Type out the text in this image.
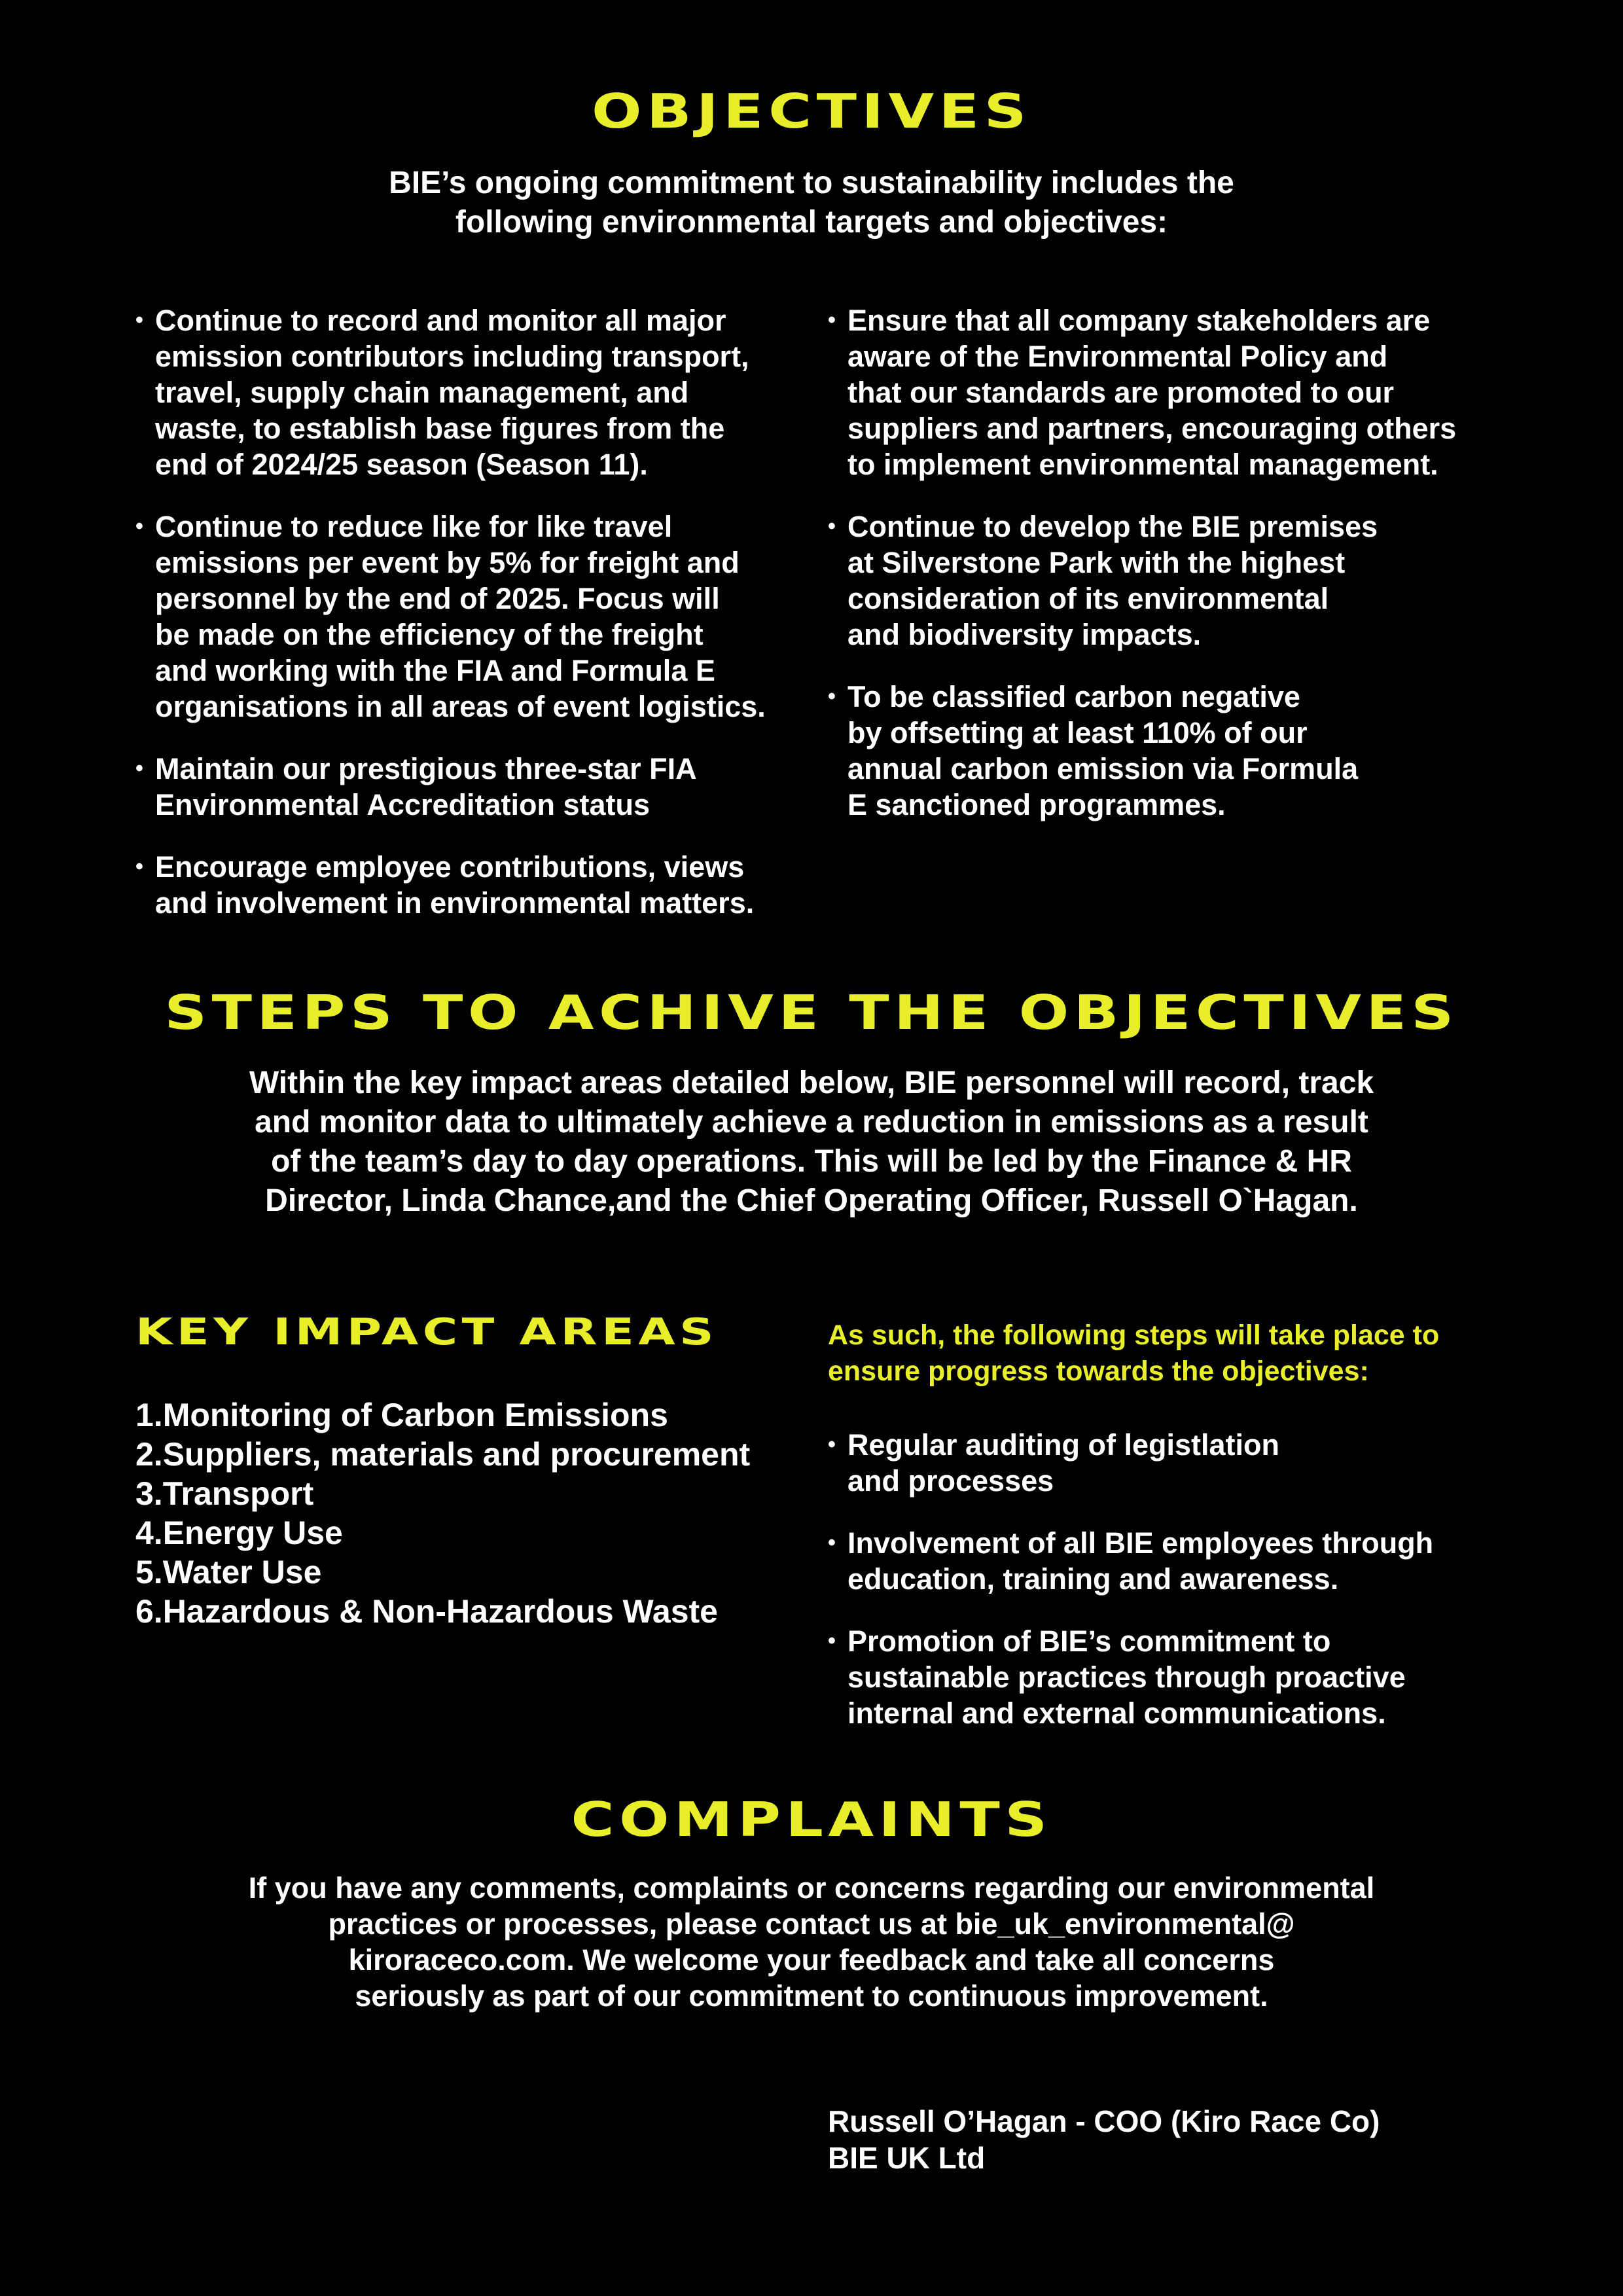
OBJECTIVES
BIE’s ongoing commitment to sustainability includes the
following environmental targets and objectives:
• Continue to record and monitor all major
emission contributors including transport,
travel, supply chain management, and
waste, to establish base figures from the
end of 2024/25 season (Season 11).
• Continue to reduce like for like travel
emissions per event by 5% for freight and
personnel by the end of 2025. Focus will
be made on the efficiency of the freight
and working with the FIA and Formula E
organisations in all areas of event logistics.
• Maintain our prestigious three-star FIA
Environmental Accreditation status
• Encourage employee contributions, views
and involvement in environmental matters.
• Ensure that all company stakeholders are
aware of the Environmental Policy and
that our standards are promoted to our
suppliers and partners, encouraging others
to implement environmental management.
• Continue to develop the BIE premises
at Silverstone Park with the highest
consideration of its environmental
and biodiversity impacts.
• To be classified carbon negative
by offsetting at least 110% of our
annual carbon emission via Formula
E sanctioned programmes.
STEPS TO ACHIVE THE OBJECTIVES
Within the key impact areas detailed below, BIE personnel will record, track
and monitor data to ultimately achieve a reduction in emissions as a result
of the team’s day to day operations. This will be led by the Finance & HR
Director, Linda Chance,and the Chief Operating Officer, Russell O`Hagan.
KEY IMPACT AREAS
1.Monitoring of Carbon Emissions
2.Suppliers, materials and procurement
3.Transport
4.Energy Use
5.Water Use
6.Hazardous & Non-Hazardous Waste
As such, the following steps will take place to
ensure progress towards the objectives:
• Regular auditing of legistlation
and processes
• Involvement of all BIE employees through
education, training and awareness.
• Promotion of BIE’s commitment to
sustainable practices through proactive
internal and external communications.
COMPLAINTS
If you have any comments, complaints or concerns regarding our environmental
practices or processes, please contact us at bie_uk_environmental@
kiroraceco.com. We welcome your feedback and take all concerns
seriously as part of our commitment to continuous improvement.
Russell O’Hagan - COO (Kiro Race Co)
BIE UK Ltd
